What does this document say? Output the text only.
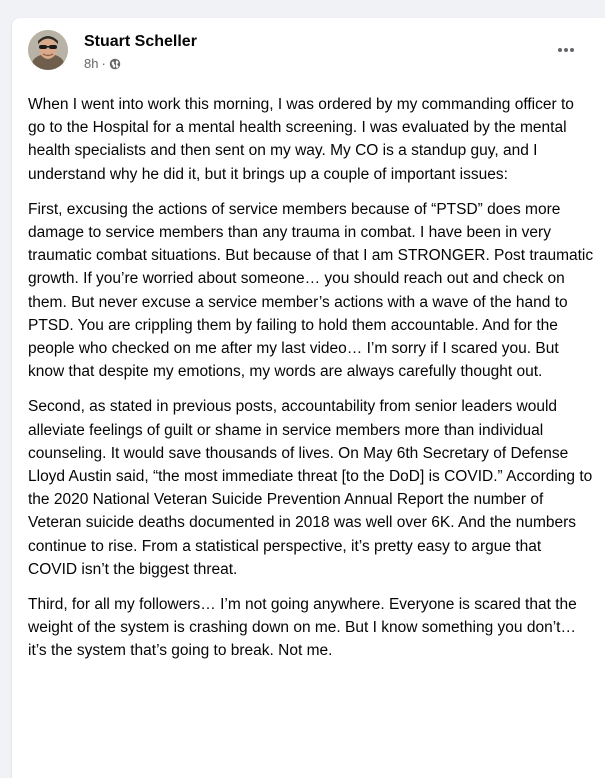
Stuart Scheller
8h ·

When I went into work this morning, I was ordered by my commanding officer to go to the Hospital for a mental health screening. I was evaluated by the mental health specialists and then sent on my way. My CO is a standup guy, and I understand why he did it, but it brings up a couple of important issues:

First, excusing the actions of service members because of “PTSD” does more damage to service members than any trauma in combat. I have been in very traumatic combat situations. But because of that I am STRONGER. Post traumatic growth. If you’re worried about someone… you should reach out and check on them. But never excuse a service member’s actions with a wave of the hand to PTSD. You are crippling them by failing to hold them accountable. And for the people who checked on me after my last video… I’m sorry if I scared you. But know that despite my emotions, my words are always carefully thought out.

Second, as stated in previous posts, accountability from senior leaders would alleviate feelings of guilt or shame in service members more than individual counseling. It would save thousands of lives. On May 6th Secretary of Defense Lloyd Austin said, “the most immediate threat [to the DoD] is COVID.” According to the 2020 National Veteran Suicide Prevention Annual Report the number of Veteran suicide deaths documented in 2018 was well over 6K. And the numbers continue to rise. From a statistical perspective, it’s pretty easy to argue that COVID isn’t the biggest threat.

Third, for all my followers… I’m not going anywhere. Everyone is scared that the weight of the system is crashing down on me. But I know something you don’t… it’s the system that’s going to break. Not me.
